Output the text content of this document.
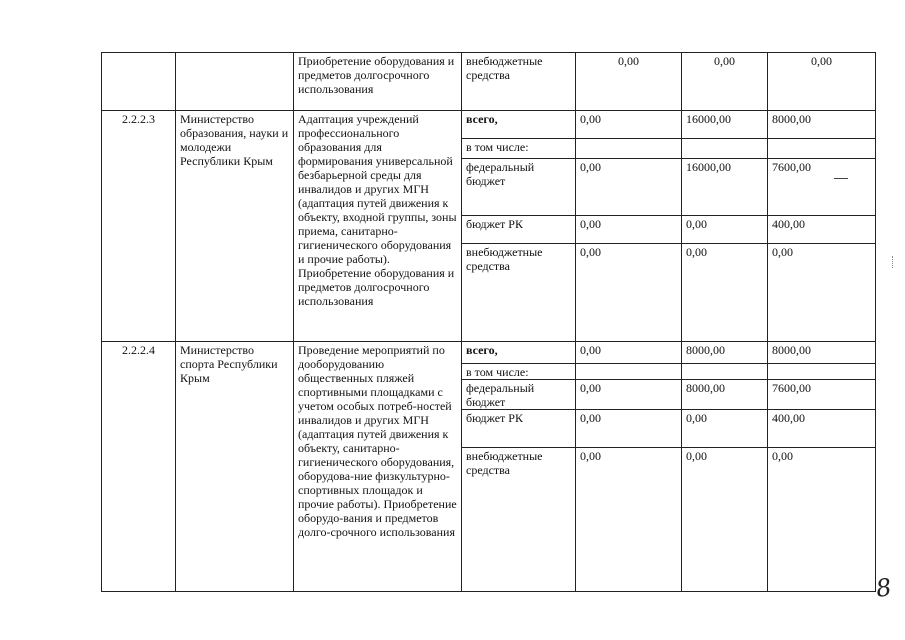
		Приобретение оборудования и предметов долгосрочного использования	внебюджетные средства	0,00	0,00	0,00
2.2.2.3	Министерство образования, науки и молодежи Республики Крым	Адаптация учреждений профессионального образования для формирования универсальной безбарьерной среды для инвалидов и других МГН (адаптация путей движения к объекту, входной группы, зоны приема, санитарно-гигиенического оборудования и прочие работы). Приобретение оборудования и предметов долгосрочного использования	всего,	0,00	16000,00	8000,00
			в том числе:			
			федеральный бюджет	0,00	16000,00	7600,00
			бюджет РК	0,00	0,00	400,00
			внебюджетные средства	0,00	0,00	0,00
2.2.2.4	Министерство спорта Республики Крым	Проведение мероприятий по дооборудованию общественных пляжей спортивными площадками с учетом особых потреб-ностей инвалидов и других МГН (адаптация путей движения к объекту, санитарно-гигиенического оборудования, оборудова-ние физкультурно-спортивных площадок и прочие работы). Приобретение оборудо-вания и предметов долго-срочного использования	всего,	0,00	8000,00	8000,00
			в том числе:			
			федеральный бюджет	0,00	8000,00	7600,00
			бюджет РК	0,00	0,00	400,00
			внебюджетные средства	0,00	0,00	0,00
8
